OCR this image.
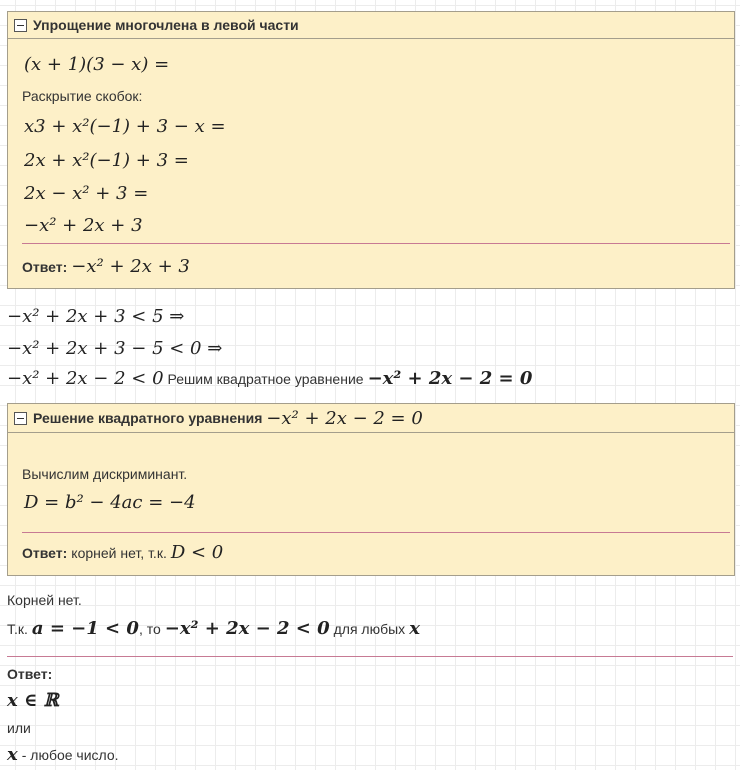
Упрощение многочлена в левой части
(x + 1)(3 − x) =
Раскрытие скобок:
x3 + x²(−1) + 3 − x =
2x + x²(−1) + 3 =
2x − x² + 3 =
−x² + 2x + 3
Ответ: −x² + 2x + 3
−x² + 2x + 3 < 5 ⇒
−x² + 2x + 3 − 5 < 0 ⇒
−x² + 2x − 2 < 0 Решим квадратное уравнение −x² + 2x − 2 = 0
Решение квадратного уравнения
−x² + 2x − 2 = 0
Вычислим дискриминант.
D = b² − 4ac = −4
Ответ: корней нет, т.к. D < 0
Корней нет.
Т.к. a = −1 < 0 , то −x² + 2x − 2 < 0 для любых x
Ответ:
x ∈ ℝ
или
x - любое число.
